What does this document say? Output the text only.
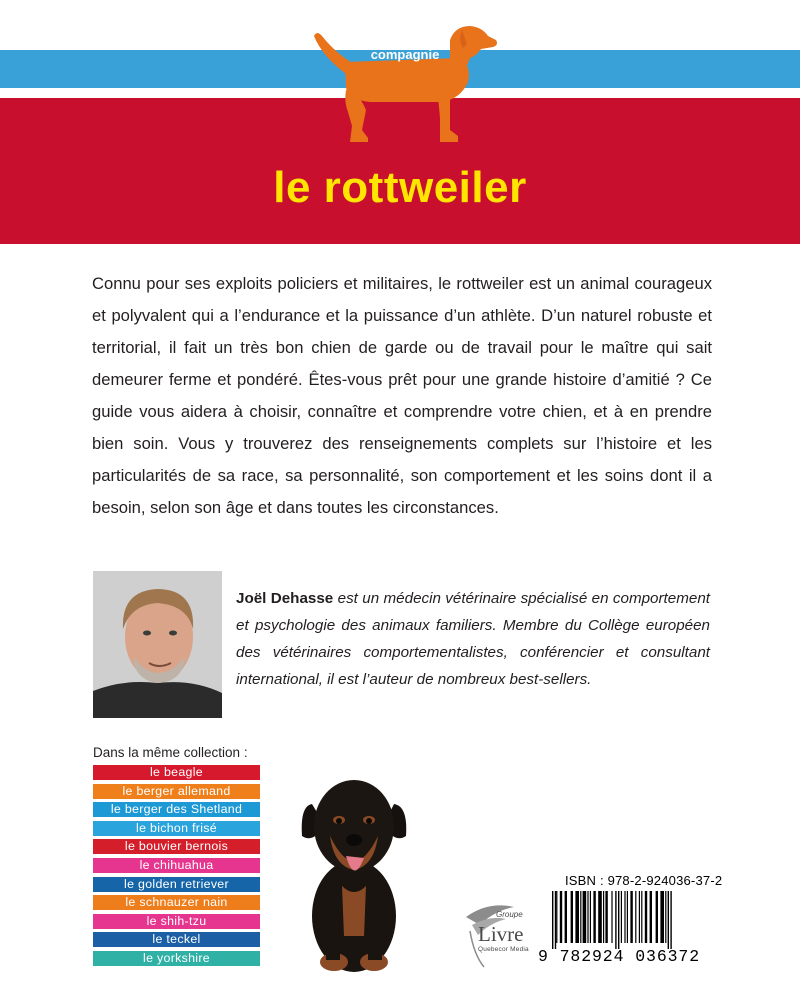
monchien de
compagnie
le rottweiler

Connu pour ses exploits policiers et militaires, le rottweiler est un animal courageux et polyvalent qui a l’endurance et la puissance d’un athlète. D’un naturel robuste et territorial, il fait un très bon chien de garde ou de travail pour le maître qui sait demeurer ferme et pondéré. Êtes-vous prêt pour une grande histoire d’amitié ? Ce guide vous aidera à choisir, connaître et comprendre votre chien, et à en prendre bien soin. Vous y trouverez des renseignements complets sur l’histoire et les particularités de sa race, sa personnalité, son comportement et les soins dont il a besoin, selon son âge et dans toutes les circonstances.

Joël Dehasse est un médecin vétérinaire spécialisé en comportement et psychologie des animaux familiers. Membre du Collège européen des vétérinaires comportementalistes, conférencier et consultant international, il est l’auteur de nombreux best-sellers.

Dans la même collection :
le beagle
le berger allemand
le berger des Shetland
le bichon frisé
le bouvier bernois
le chihuahua
le golden retriever
le schnauzer nain
le shih-tzu
le teckel
le yorkshire
Groupe
Livre
Quebecor Media
ISBN : 978-2-924036-37-2
9 782924 036372
